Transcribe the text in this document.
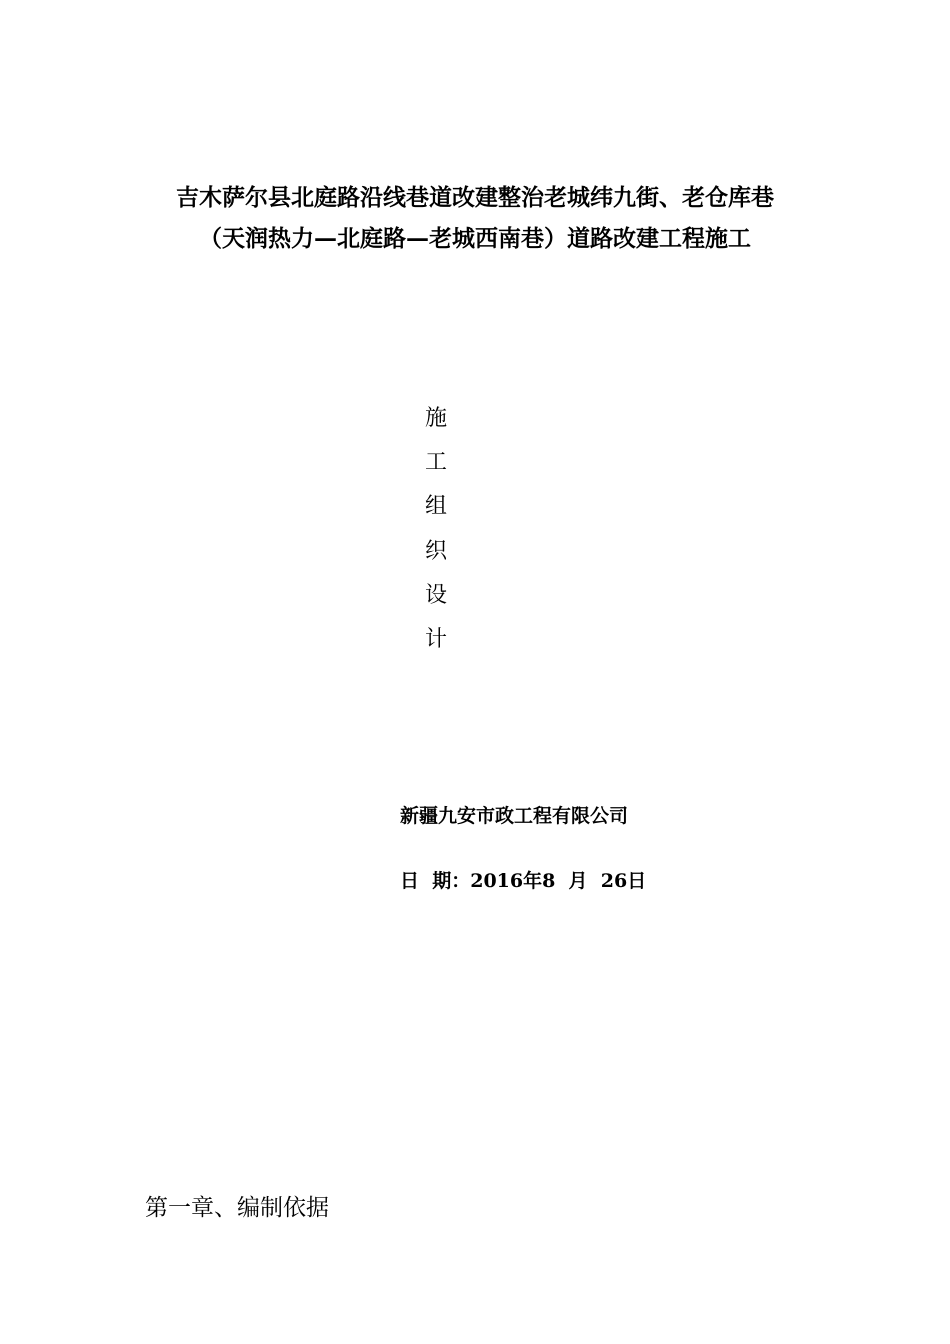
吉木萨尔县北庭路沿线巷道改建整治老城纬九街、老仓库巷
（天润热力—北庭路—老城西南巷）道路改建工程施工
施
工
组
织
设
计
新疆九安市政工程有限公司
日  期：2016年8  月  26日
第一章、编制依据
